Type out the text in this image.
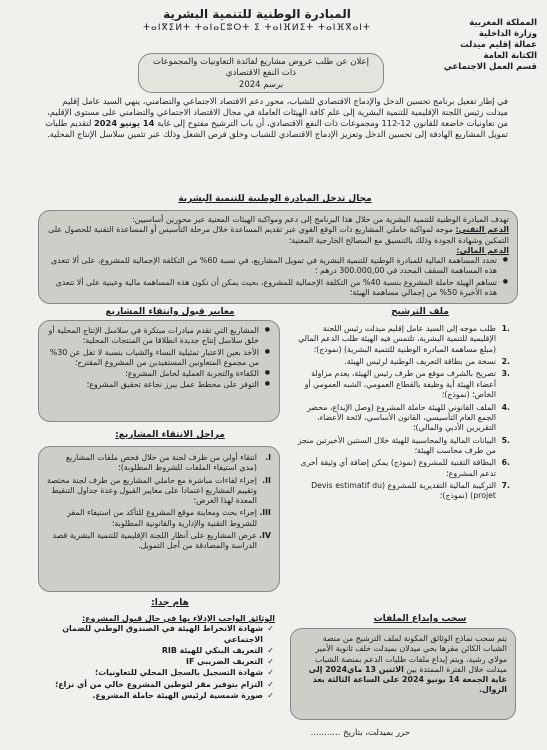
المملكة المغربية
وزارة الداخلية
عمالة إقليم ميدلت
الكتابة العامة
قسم العمل الاجتماعي
المبادرة الوطنية للتنمية البشرية
ⵜⴰⵏⴳⵉⵍⵜ ⵜⴰⵏⴰⵎⵓⵔⵜ ⵉ ⵜⴰⵏⴼⵍⵉⵜ ⵜⴰⵏⴼⴳⴰⵏⵜ
إعلان عن طلب عروض مشاريع لفائدة التعاونيات والمجموعات ذات النفع الاقتصادي
برسم 2024
في إطار تفعيل برنامج تحسين الدخل والإدماج الاقتصادي للشباب، محور دعم الاقتصاد الاجتماعي والتضامني، ينهي السيد عامل إقليم ميدلت رئيس اللجنة الإقليمية للتنمية البشرية إلى علم كافة الهيئات العاملة في مجال الاقتصاد الاجتماعي والتضامني على مستوى الإقليم، من تعاونيات خاضعة للقانون 12-112 ومجموعات ذات النفع الاقتصادي، أن باب الترشيح مفتوح إلى غاية 14 يونيو 2024 لتقديم طلبات تمويل المشاريع الهادفة إلى تحسين الدخل وتعزيز الإدماج الاقتصادي للشباب وخلق فرص الشغل وذلك عبر تثمين سلاسل الإنتاج المحلية.
مجال تدخل المبادرة الوطنية للتنمية البشرية
تهدف المبادرة الوطنية للتنمية البشرية من خلال هذا البرنامج إلى دعم ومواكبة الهيئات المعنية عبر محورين أساسيين:
الدعم التقني: موجه لمواكبة حاملي المشاريع ذات الوقع القوي عبر تقديم المساعدة خلال مرحلة التأسيس أو المساعدة التقنية للحصول على التمكين وشهادة الجودة وذلك بالتنسيق مع المصالح الخارجية المعنية؛
الدعم المالي:
● تحدد المساهمة المالية للمبادرة الوطنية للتنمية البشرية في تمويل المشاريع، في نسبة 60% من التكلفة الإجمالية للمشروع، على ألا تتعدى هذه المساهمة السقف المحدد في 300.000,00 درهم ؛
● تساهم الهيئة حاملة المشروع بنسبة 40% من التكلفة الإجمالية للمشروع، بحيث يمكن أن تكون هذه المساهمة مالية وعينية على ألا تتعدى هذه الأخيرة 50% من إجمالي مساهمة الهيئة؛
معايير قبول وانتقاء المشاريع
● المشاريع التي تقدم مبادرات مبتكرة في سلاسل الإنتاج المحلية أو خلق سلاسل إنتاج جديدة انطلاقا من المنتجات المحلية؛
● الأخذ بعين الاعتبار تمثيلية النساء والشباب بنسبة لا تقل عن 30% من مجموع المتعاونين المستفيدين من المشروع المقترح؛
● الكفاءة والتجربة العملية لحامل المشروع؛
● التوفر على مخطط عمل يبرز نجاعة تحقيق المشروع؛
مراحل الانتقاء المشاريع:
I.
انتقاء أولي من طرف لجنة من خلال فحص ملفات المشاريع (مدى استيفاء الملفات للشروط المطلوبة)؛
II.
إجراء لقاءات مباشرة مع حاملي المشاريع من طرف لجنة مختصة وتقييم المشاريع اعتمادا على معايير القبول وعدة جداول التنقيط المعدة لهذا الغرض؛
III.
إجراء بحث ومعاينة موقع المشروع للتأكد من استيفاء المقر للشروط التقنية والإدارية والقانونية المطلوبة؛
IV.
عرض المشاريع على أنظار اللجنة الإقليمية للتنمية البشرية قصد الدراسة والمصادقة من أجل التمويل.
هام جدا:
الوثائق الواجب الإدلاء بها في حال قبول المشروع:
✓ شهادة الانخراط الهيئة في الصندوق الوطني للضمان الاجتماعي
✓ التعريف البنكي للهيئة RIB
✓ التعريف الضريبي IF
✓ شهادة التسجيل بالسجل المحلي للتعاونيات؛
✓ التزام بتوفير مقر لتوطين المشروع خالي من أي نزاع؛
✓ صورة شمسية لرئيس الهيئة حاملة المشروع.
ملف الترشيح
.1
طلب موجه إلى السيد عامل إقليم ميدلت رئيس اللجنة الإقليمية للتنمية البشرية، تلتمس فيه الهيئة طلب الدعم المالي (مبلغ مساهمة المبادرة الوطنية للتنمية البشرية) (نموذج)؛
.2
نسخة من بطاقة التعريف الوطنية لرئيس الهيئة.
.3
تصريح بالشرف موقع من طرف رئيس الهيئة، يعدم مزاولة أعضاء الهيئة أية وظيفة بالقطاع العمومي، الشبه العمومي أو الخاص؛ (نموذج)؛
.4
الملف القانوني للهيئة حاملة المشروع (وصل الإيداع، محضر الجمع العام التأسيسي، القانون الأساسي، لائحة الأعضاء، التقريرين الأدبي والمالي)؛
.5
البيانات المالية والمحاسبية للهيئة خلال السنتين الأخيرتين منجز من طرف محاسب الهيئة؛
.6
البطاقة التقنية للمشروع (نموذج) يمكن إضافة أي وثيقة أخرى تدعم المشروع؛
.7
التركيبة المالية التقديرية للمشروع (Devis estimatif du projet) (نموذج)؛
سحب وإيداع الملفات
يتم سحب نماذج الوثائق المكونة لملف الترشيح من منصة الشباب الكائن مقرها بحي ميدلان بميدلت خلف ثانوية الأمير مولاي رشيد، ويتم إيداع ملفات طلبات الدعم بمنصة الشباب ميدلت خلال الفترة الممتدة بين الاثنين 13 ماي2024 إلى غاية الجمعة 14 يونيو 2024 على الساعة الثالثة بعد الزوال.
حرر بميدلت، بتاريخ ...........
